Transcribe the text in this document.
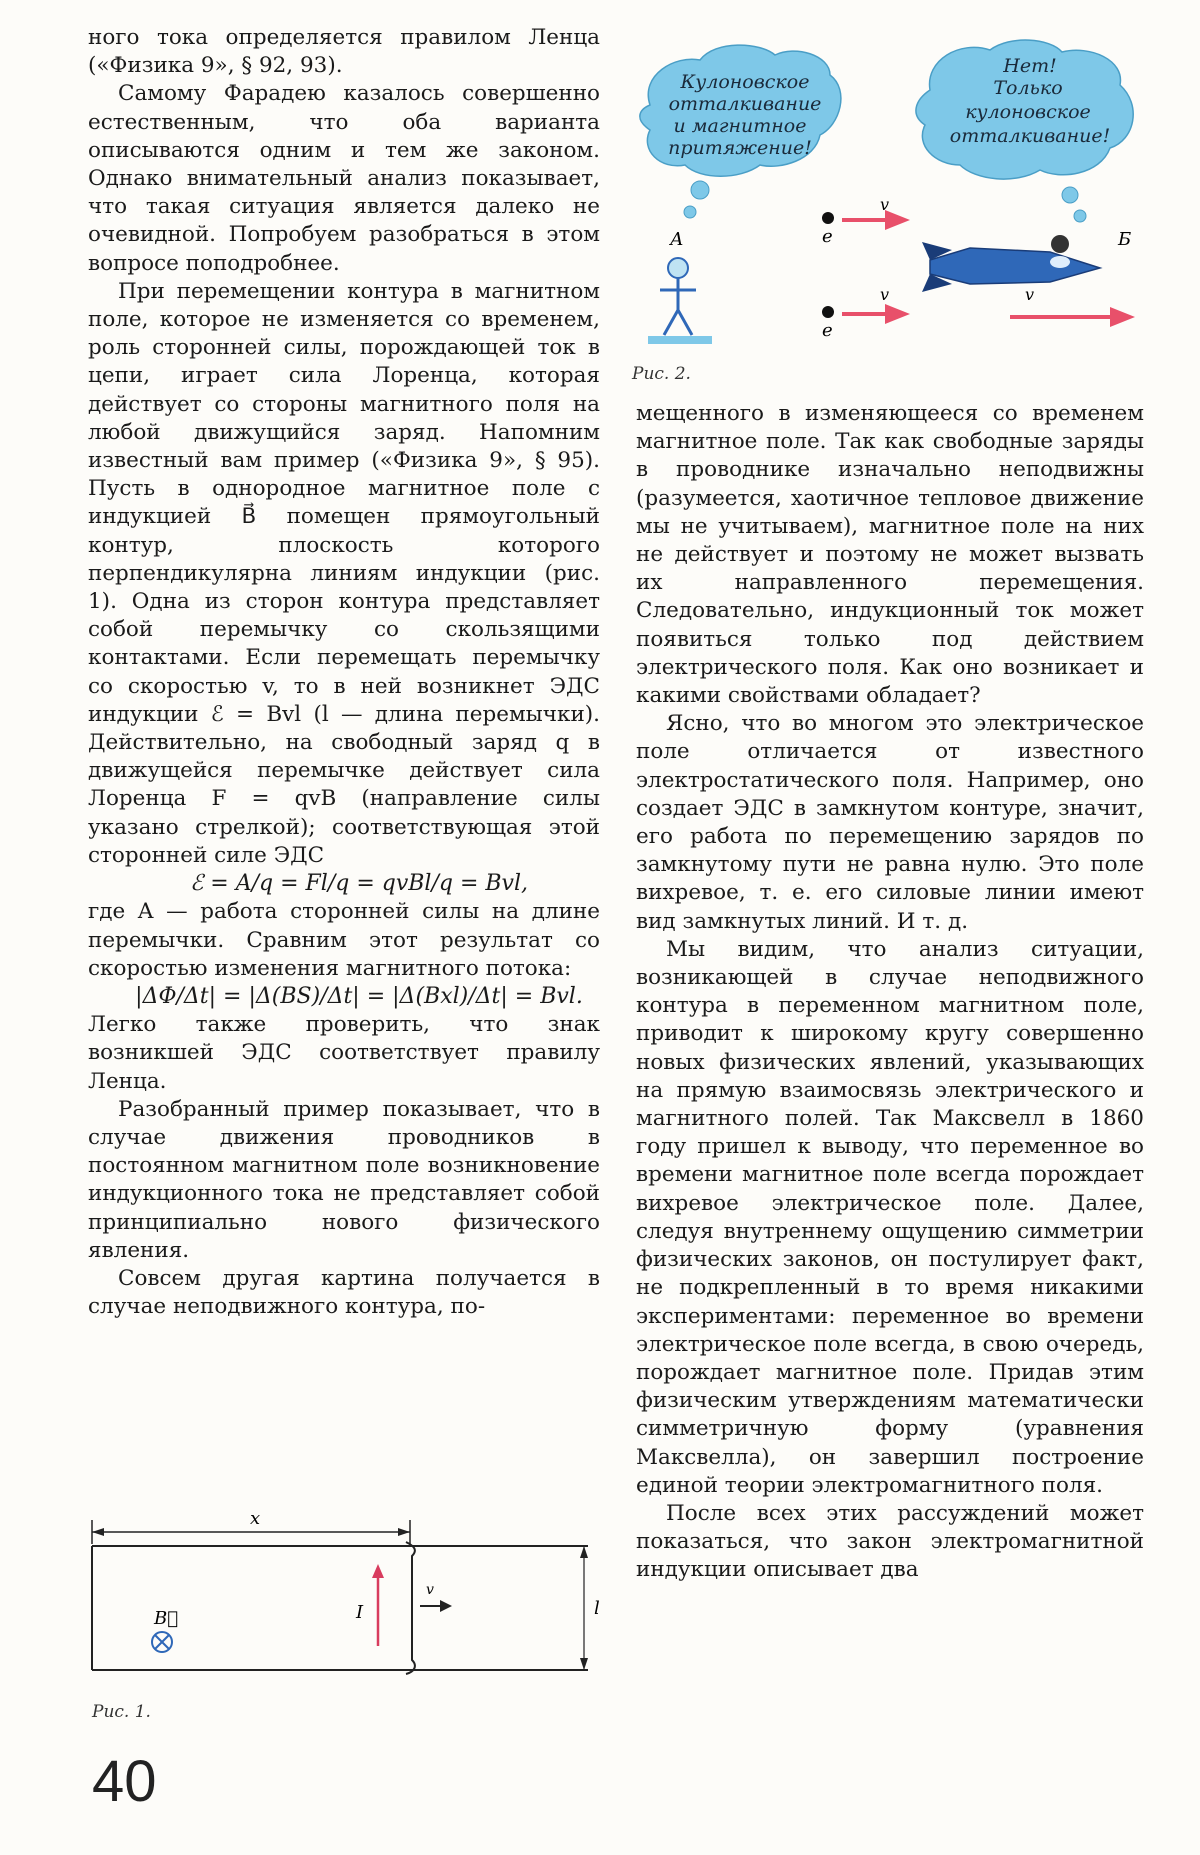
ного тока определяется правилом Ленца («Физика 9», § 92, 93).

Самому Фарадею казалось совершенно естественным, что оба варианта описываются одним и тем же законом. Однако внимательный анализ показывает, что такая ситуация является далеко не очевидной. Попробуем разобраться в этом вопросе поподробнее.

При перемещении контура в магнитном поле, которое не изменяется со временем, роль сторонней силы, порождающей ток в цепи, играет сила Лоренца, которая действует со стороны магнитного поля на любой движущийся заряд. Напомним известный вам пример («Физика 9», § 95). Пусть в однородное магнитное поле с индукцией B⃗ помещен прямоугольный контур, плоскость которого перпендикулярна линиям индукции (рис. 1). Одна из сторон контура представляет собой перемычку со скользящими контактами. Если перемещать перемычку со скоростью v, то в ней возникнет ЭДС индукции ℰ = Bvl (l — длина перемычки). Действительно, на свободный заряд q в движущейся перемычке действует сила Лоренца F = qvB (направление силы указано стрелкой); соответствующая этой сторонней силе ЭДС

ℰ = A/q = Fl/q = qvBl/q = Bvl,

где A — работа сторонней силы на длине перемычки. Сравним этот результат со скоростью изменения магнитного потока:

|ΔΦ/Δt| = |Δ(BS)/Δt| = |Δ(Bxl)/Δt| = Bvl.

Легко также проверить, что знак возникшей ЭДС соответствует правилу Ленца.

Разобранный пример показывает, что в случае движения проводников в постоянном магнитном поле возникновение индукционного тока не представляет собой принципиально нового физического явления.

Совсем другая картина получается в случае неподвижного контура, по-

мещенного в изменяющееся со временем магнитное поле. Так как свободные заряды в проводнике изначально неподвижны (разумеется, хаотичное тепловое движение мы не учитываем), магнитное поле на них не действует и поэтому не может вызвать их направленного перемещения. Следовательно, индукционный ток может появиться только под действием электрического поля. Как оно возникает и какими свойствами обладает?

Ясно, что во многом это электрическое поле отличается от известного электростатического поля. Например, оно создает ЭДС в замкнутом контуре, значит, его работа по перемещению зарядов по замкнутому пути не равна нулю. Это поле вихревое, т. е. его силовые линии имеют вид замкнутых линий. И т. д.

Мы видим, что анализ ситуации, возникающей в случае неподвижного контура в переменном магнитном поле, приводит к широкому кругу совершенно новых физических явлений, указывающих на прямую взаимосвязь электрического и магнитного полей. Так Максвелл в 1860 году пришел к выводу, что переменное во времени магнитное поле всегда порождает вихревое электрическое поле. Далее, следуя внутреннему ощущению симметрии физических законов, он постулирует факт, не подкрепленный в то время никакими экспериментами: переменное во времени электрическое поле всегда, в свою очередь, порождает магнитное поле. Придав этим физическим утверждениям математически симметричную форму (уравнения Максвелла), он завершил построение единой теории электромагнитного поля.

После всех этих рассуждений может показаться, что закон электромагнитной индукции описывает два

Кулоновское
отталкивание
и магнитное
притяжение!
Нет!
Только
кулоновское
отталкивание!
А	e
v
e
v
Б
v
Рис. 2.
x
l
I
v
B⃗
Рис. 1.
40
